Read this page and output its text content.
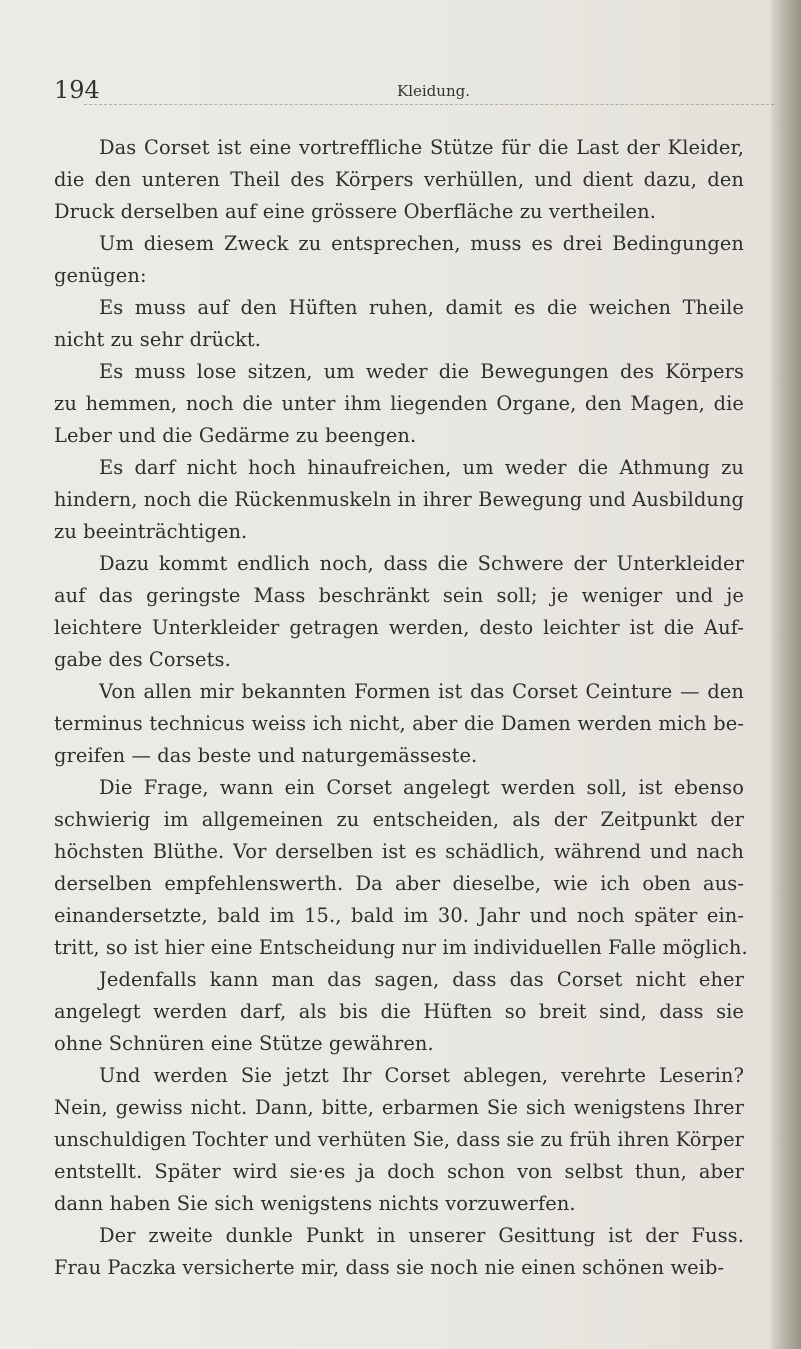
194	Kleidung.
Das Corset ist eine vortreffliche Stütze für die Last der Kleider,
die den unteren Theil des Körpers verhüllen, und dient dazu, den
Druck derselben auf eine grössere Oberfläche zu vertheilen.
Um diesem Zweck zu entsprechen, muss es drei Bedingungen
genügen:
Es muss auf den Hüften ruhen, damit es die weichen Theile
nicht zu sehr drückt.
Es muss lose sitzen, um weder die Bewegungen des Körpers
zu hemmen, noch die unter ihm liegenden Organe, den Magen, die
Leber und die Gedärme zu beengen.
Es darf nicht hoch hinaufreichen, um weder die Athmung zu
hindern, noch die Rückenmuskeln in ihrer Bewegung und Ausbildung
zu beeinträchtigen.
Dazu kommt endlich noch, dass die Schwere der Unterkleider
auf das geringste Mass beschränkt sein soll; je weniger und je
leichtere Unterkleider getragen werden, desto leichter ist die Auf-
gabe des Corsets.
Von allen mir bekannten Formen ist das Corset Ceinture — den
terminus technicus weiss ich nicht, aber die Damen werden mich be-
greifen — das beste und naturgemässeste.
Die Frage, wann ein Corset angelegt werden soll, ist ebenso
schwierig im allgemeinen zu entscheiden, als der Zeitpunkt der
höchsten Blüthe. Vor derselben ist es schädlich, während und nach
derselben empfehlenswerth. Da aber dieselbe, wie ich oben aus-
einandersetzte, bald im 15., bald im 30. Jahr und noch später ein-
tritt, so ist hier eine Entscheidung nur im individuellen Falle möglich.
Jedenfalls kann man das sagen, dass das Corset nicht eher
angelegt werden darf, als bis die Hüften so breit sind, dass sie
ohne Schnüren eine Stütze gewähren.
Und werden Sie jetzt Ihr Corset ablegen, verehrte Leserin?
Nein, gewiss nicht. Dann, bitte, erbarmen Sie sich wenigstens Ihrer
unschuldigen Tochter und verhüten Sie, dass sie zu früh ihren Körper
entstellt. Später wird sie·es ja doch schon von selbst thun, aber
dann haben Sie sich wenigstens nichts vorzuwerfen.
Der zweite dunkle Punkt in unserer Gesittung ist der Fuss.
Frau Paczka versicherte mir, dass sie noch nie einen schönen weib-
